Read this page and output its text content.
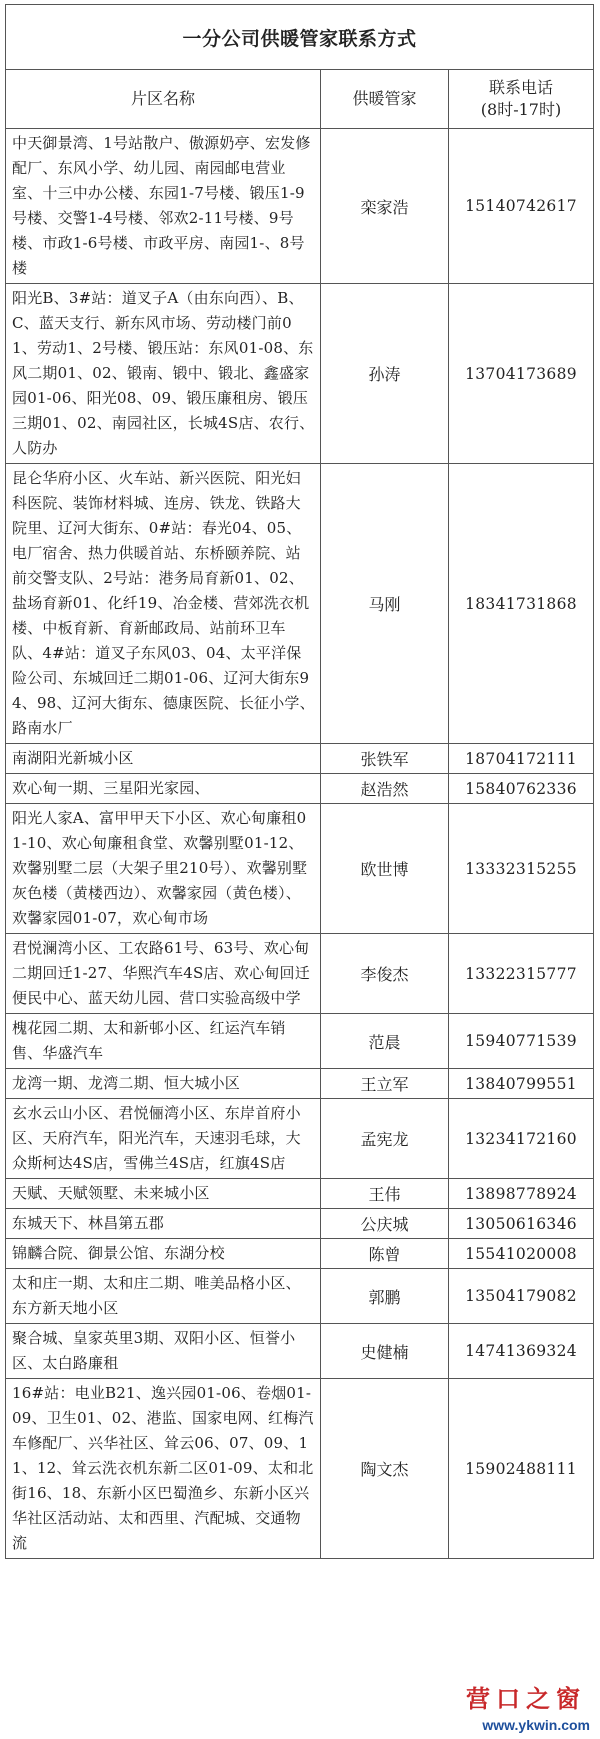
一分公司供暖管家联系方式		
片区名称	供暖管家	联系电话
(8时-17时)

中天御景湾、1号站散户、傲源奶亭、宏发修配厂、东风小学、幼儿园、南园邮电营业室、十三中办公楼、东园1-7号楼、锻压1-9号楼、交警1-4号楼、邻欢2-11号楼、9号楼、市政1-6号楼、市政平房、南园1-、8号楼	栾家浩	15140742617
阳光B、3#站：道叉子A（由东向西）、B、C、蓝天支行、新东风市场、劳动楼门前01、劳动1、2号楼、锻压站：东风01-08、东风二期01、02、锻南、锻中、锻北、鑫盛家园01-06、阳光08、09、锻压廉租房、锻压三期01、02、南园社区，长城4S店、农行、人防办	孙涛	13704173689
昆仑华府小区、火车站、新兴医院、阳光妇科医院、装饰材料城、连房、铁龙、铁路大院里、辽河大街东、0#站：春光04、05、电厂宿舍、热力供暖首站、东桥颐养院、站前交警支队、2号站：港务局育新01、02、盐场育新01、化纤19、冶金楼、营郊洗衣机楼、中板育新、育新邮政局、站前环卫车队、4#站：道叉子东风03、04、太平洋保险公司、东城回迁二期01-06、辽河大街东94、98、辽河大街东、德康医院、长征小学、路南水厂	马刚	18341731868
南湖阳光新城小区	张铁军	18704172111
欢心甸一期、三星阳光家园、	赵浩然	15840762336
阳光人家A、富甲甲天下小区、欢心甸廉租01-10、欢心甸廉租食堂、欢馨别墅01-12、欢馨别墅二层（大架子里210号）、欢馨别墅灰色楼（黄楼西边）、欢馨家园（黄色楼）、欢馨家园01-07，欢心甸市场	欧世博	13332315255
君悦澜湾小区、工农路61号、63号、欢心甸二期回迁1-27、华熙汽车4S店、欢心甸回迁便民中心、蓝天幼儿园、营口实验高级中学	李俊杰	13322315777
槐花园二期、太和新邨小区、红运汽车销售、华盛汽车	范晨	15940771539
龙湾一期、龙湾二期、恒大城小区	王立军	13840799551
玄水云山小区、君悦俪湾小区、东岸首府小区、天府汽车，阳光汽车，天速羽毛球，大众斯柯达4S店，雪佛兰4S店，红旗4S店	孟宪龙	13234172160
天赋、天赋领墅、未来城小区	王伟	13898778924
东城天下、林昌第五郡	公庆城	13050616346
锦麟合院、御景公馆、东湖分校	陈曾	15541020008
太和庄一期、太和庄二期、唯美品格小区、东方新天地小区	郭鹏	13504179082
聚合城、皇家英里3期、双阳小区、恒誉小区、太白路廉租	史健楠	14741369324
16#站：电业B21、逸兴园01-06、卷烟01-09、卫生01、02、港监、国家电网、红梅汽车修配厂、兴华社区、耸云06、07、09、11、12、耸云洗衣机东新二区01-09、太和北街16、18、东新小区巴蜀渔乡、东新小区兴华社区活动站、太和西里、汽配城、交通物流	陶文杰	15902488111
营口之窗
www.ykwin.com
